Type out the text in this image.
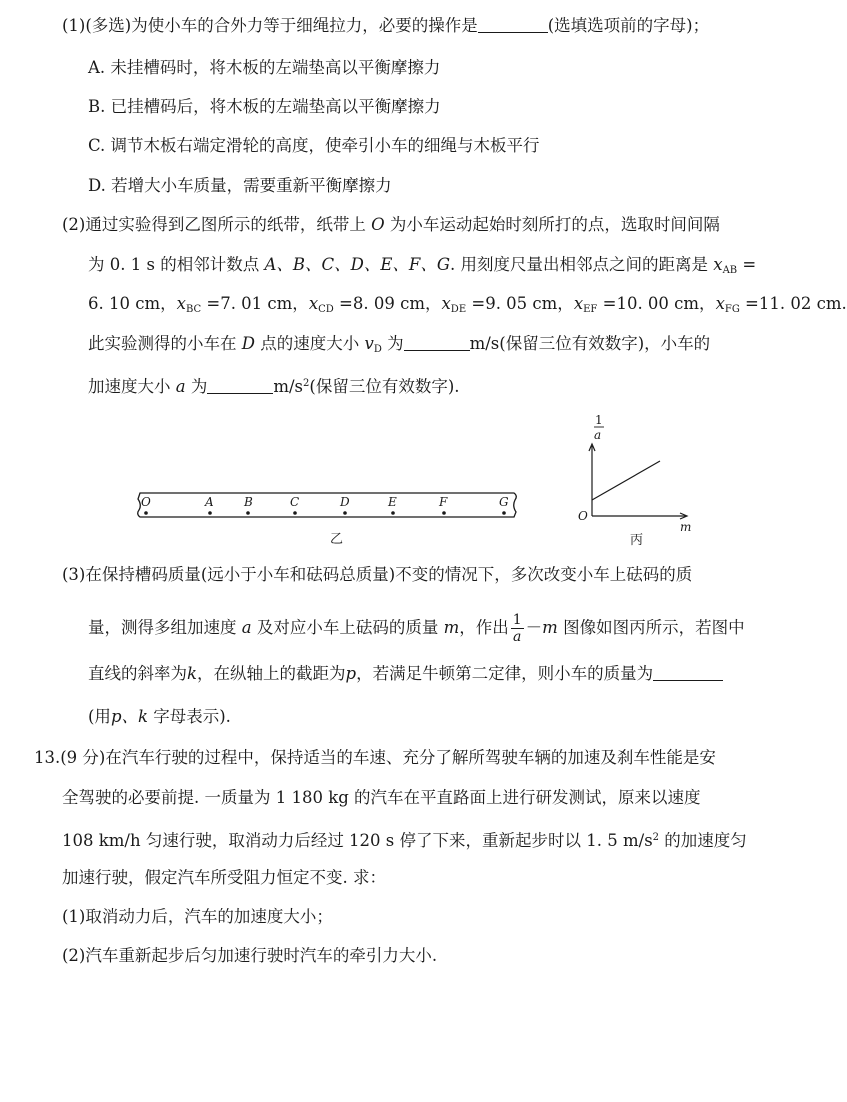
(1)(多选)为使小车的合外力等于细绳拉力，必要的操作是	(选填选项前的字母)；
A. 未挂槽码时，将木板的左端垫高以平衡摩擦力
B. 已挂槽码后，将木板的左端垫高以平衡摩擦力
C. 调节木板右端定滑轮的高度，使牵引小车的细绳与木板平行
D. 若增大小车质量，需要重新平衡摩擦力
(2)通过实验得到乙图所示的纸带，纸带上 O 为小车运动起始时刻所打的点，选取时间间隔
为 0. 1 s 的相邻计数点 A、B、C、D、E、F、G. 用刻度尺量出相邻点之间的距离是 $x_{AB}$ =
6. 10 cm，$x_{BC} =7$. 01 cm，$x_{CD} =8$. 09 cm，$x_{DE} =9$. 05 cm，$x_{EF} =10$. 00 cm，$x_{FG} =11$. 02 cm.
此实验测得的小车在 D 点的速度大小 $v_D$ 为	m/s(保留三位有效数字)，小车的
加速度大小 a 为	$m/s^2$(保留三位有效数字).
O	A	B	C	D	E	F	G
乙
1
a
O
m
丙
(3)在保持槽码质量(远小于小车和砝码总质量)不变的情况下，多次改变小车上砝码的质
量，测得多组加速度 a 及对应小车上砝码的质量 m，作出 $\frac{1}{a} -m$ 图像如图丙所示，若图中
直线的斜率为k，在纵轴上的截距为p，若满足牛顿第二定律，则小车的质量为
(用p、k 字母表示).
13.(9 分)在汽车行驶的过程中，保持适当的车速、充分了解所驾驶车辆的加速及刹车性能是安
全驾驶的必要前提. 一质量为 1 180 kg 的汽车在平直路面上进行研发测试，原来以速度
108 km/h 匀速行驶，取消动力后经过 120 s 停了下来，重新起步时以 1. 5 $m/s^2$ 的加速度匀
加速行驶，假定汽车所受阻力恒定不变. 求：
(1)取消动力后，汽车的加速度大小；
(2)汽车重新起步后匀加速行驶时汽车的牵引力大小.
